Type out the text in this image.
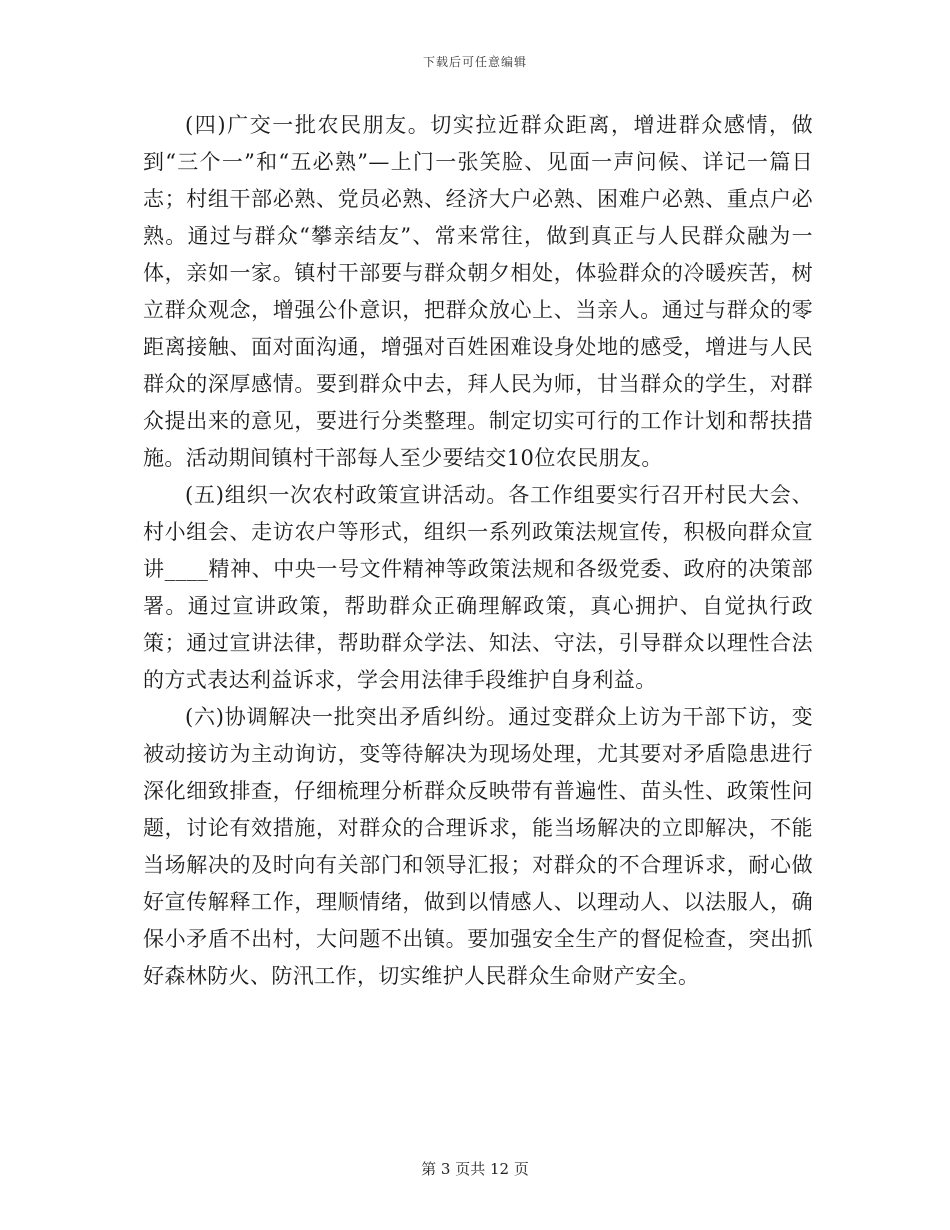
下载后可任意编辑

(四)广交一批农民朋友。切实拉近群众距离，增进群众感情，做到“三个一”和“五必熟”—上门一张笑脸、见面一声问候、详记一篇日志；村组干部必熟、党员必熟、经济大户必熟、困难户必熟、重点户必熟。通过与群众“攀亲结友”、常来常往，做到真正与人民群众融为一体，亲如一家。镇村干部要与群众朝夕相处，体验群众的冷暖疾苦，树立群众观念，增强公仆意识，把群众放心上、当亲人。通过与群众的零距离接触、面对面沟通，增强对百姓困难设身处地的感受，增进与人民群众的深厚感情。要到群众中去，拜人民为师，甘当群众的学生，对群众提出来的意见，要进行分类整理。制定切实可行的工作计划和帮扶措施。活动期间镇村干部每人至少要结交10位农民朋友。

(五)组织一次农村政策宣讲活动。各工作组要实行召开村民大会、村小组会、走访农户等形式，组织一系列政策法规宣传，积极向群众宣讲____精神、中央一号文件精神等政策法规和各级党委、政府的决策部署。通过宣讲政策，帮助群众正确理解政策，真心拥护、自觉执行政策；通过宣讲法律，帮助群众学法、知法、守法，引导群众以理性合法的方式表达利益诉求，学会用法律手段维护自身利益。

(六)协调解决一批突出矛盾纠纷。通过变群众上访为干部下访，变被动接访为主动询访，变等待解决为现场处理，尤其要对矛盾隐患进行深化细致排查，仔细梳理分析群众反映带有普遍性、苗头性、政策性问题，讨论有效措施，对群众的合理诉求，能当场解决的立即解决，不能当场解决的及时向有关部门和领导汇报；对群众的不合理诉求，耐心做好宣传解释工作，理顺情绪，做到以情感人、以理动人、以法服人，确保小矛盾不出村，大问题不出镇。要加强安全生产的督促检查，突出抓好森林防火、防汛工作，切实维护人民群众生命财产安全。

第 3 页共 12 页
